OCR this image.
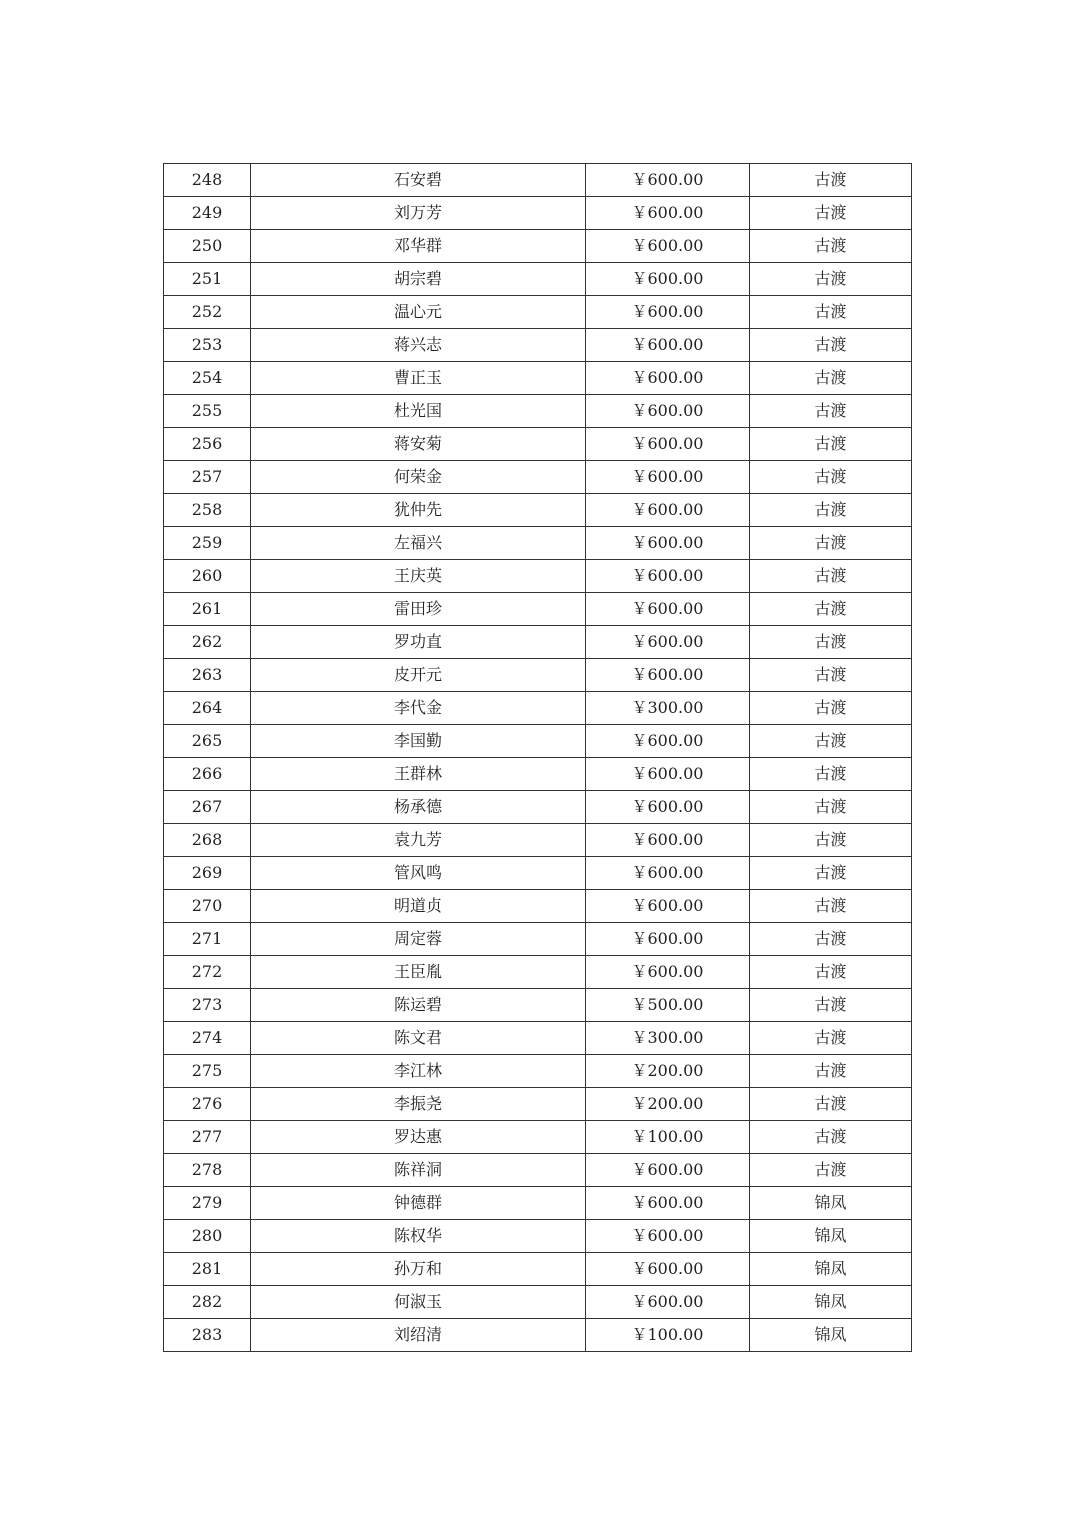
248	石安碧	￥600.00	古渡
249	刘万芳	￥600.00	古渡
250	邓华群	￥600.00	古渡
251	胡宗碧	￥600.00	古渡
252	温心元	￥600.00	古渡
253	蒋兴志	￥600.00	古渡
254	曹正玉	￥600.00	古渡
255	杜光国	￥600.00	古渡
256	蒋安菊	￥600.00	古渡
257	何荣金	￥600.00	古渡
258	犹仲先	￥600.00	古渡
259	左福兴	￥600.00	古渡
260	王庆英	￥600.00	古渡
261	雷田珍	￥600.00	古渡
262	罗功直	￥600.00	古渡
263	皮开元	￥600.00	古渡
264	李代金	￥300.00	古渡
265	李国勤	￥600.00	古渡
266	王群林	￥600.00	古渡
267	杨承德	￥600.00	古渡
268	袁九芳	￥600.00	古渡
269	管风鸣	￥600.00	古渡
270	明道贞	￥600.00	古渡
271	周定蓉	￥600.00	古渡
272	王臣胤	￥600.00	古渡
273	陈运碧	￥500.00	古渡
274	陈文君	￥300.00	古渡
275	李江林	￥200.00	古渡
276	李振尧	￥200.00	古渡
277	罗达惠	￥100.00	古渡
278	陈祥洞	￥600.00	古渡
279	钟德群	￥600.00	锦凤
280	陈权华	￥600.00	锦凤
281	孙万和	￥600.00	锦凤
282	何淑玉	￥600.00	锦凤
283	刘绍清	￥100.00	锦凤
